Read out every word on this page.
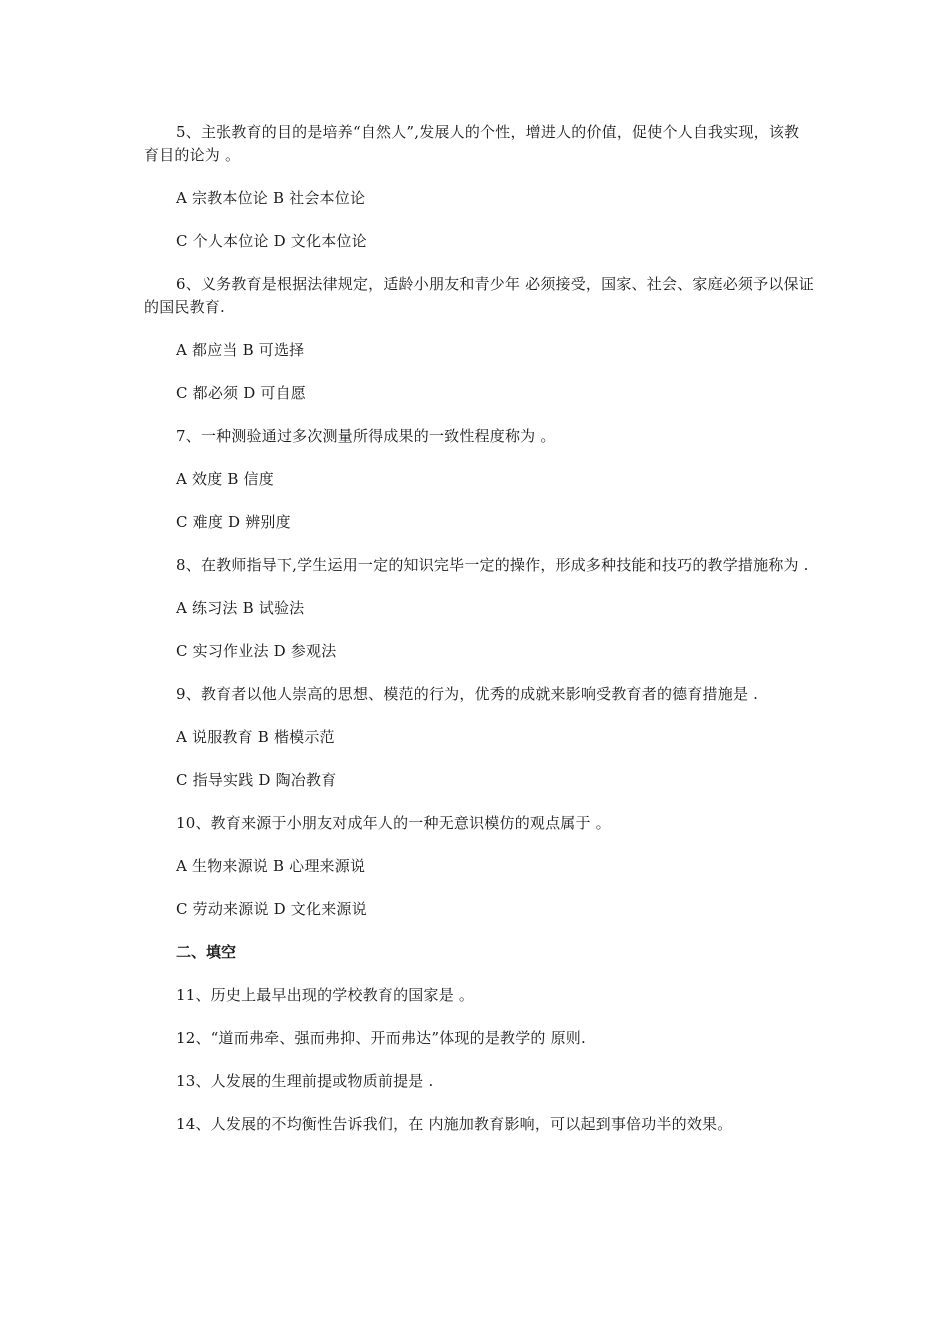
5、主张教育的目的是培养“自然人”,发展人的个性，增进人的价值，促使个人自我实现，该教育目的论为 。

A 宗教本位论 B 社会本位论

C 个人本位论 D 文化本位论

6、义务教育是根据法律规定，适龄小朋友和青少年 必须接受，国家、社会、家庭必须予以保证的国民教育.

A 都应当 B 可选择

C 都必须 D 可自愿

7、一种测验通过多次测量所得成果的一致性程度称为 。

A 效度 B 信度

C 难度 D 辨别度

8、在教师指导下,学生运用一定的知识完毕一定的操作，形成多种技能和技巧的教学措施称为 .

A 练习法 B 试验法

C 实习作业法 D 参观法

9、教育者以他人崇高的思想、模范的行为，优秀的成就来影响受教育者的德育措施是 .

A 说服教育 B 楷模示范

C 指导实践 D 陶冶教育

10、教育来源于小朋友对成年人的一种无意识模仿的观点属于 。

A 生物来源说 B 心理来源说

C 劳动来源说 D 文化来源说

二、填空

11、历史上最早出现的学校教育的国家是 。

12、“道而弗牵、强而弗抑、开而弗达”体现的是教学的 原则.

13、人发展的生理前提或物质前提是 .

14、人发展的不均衡性告诉我们，在 内施加教育影响，可以起到事倍功半的效果。
